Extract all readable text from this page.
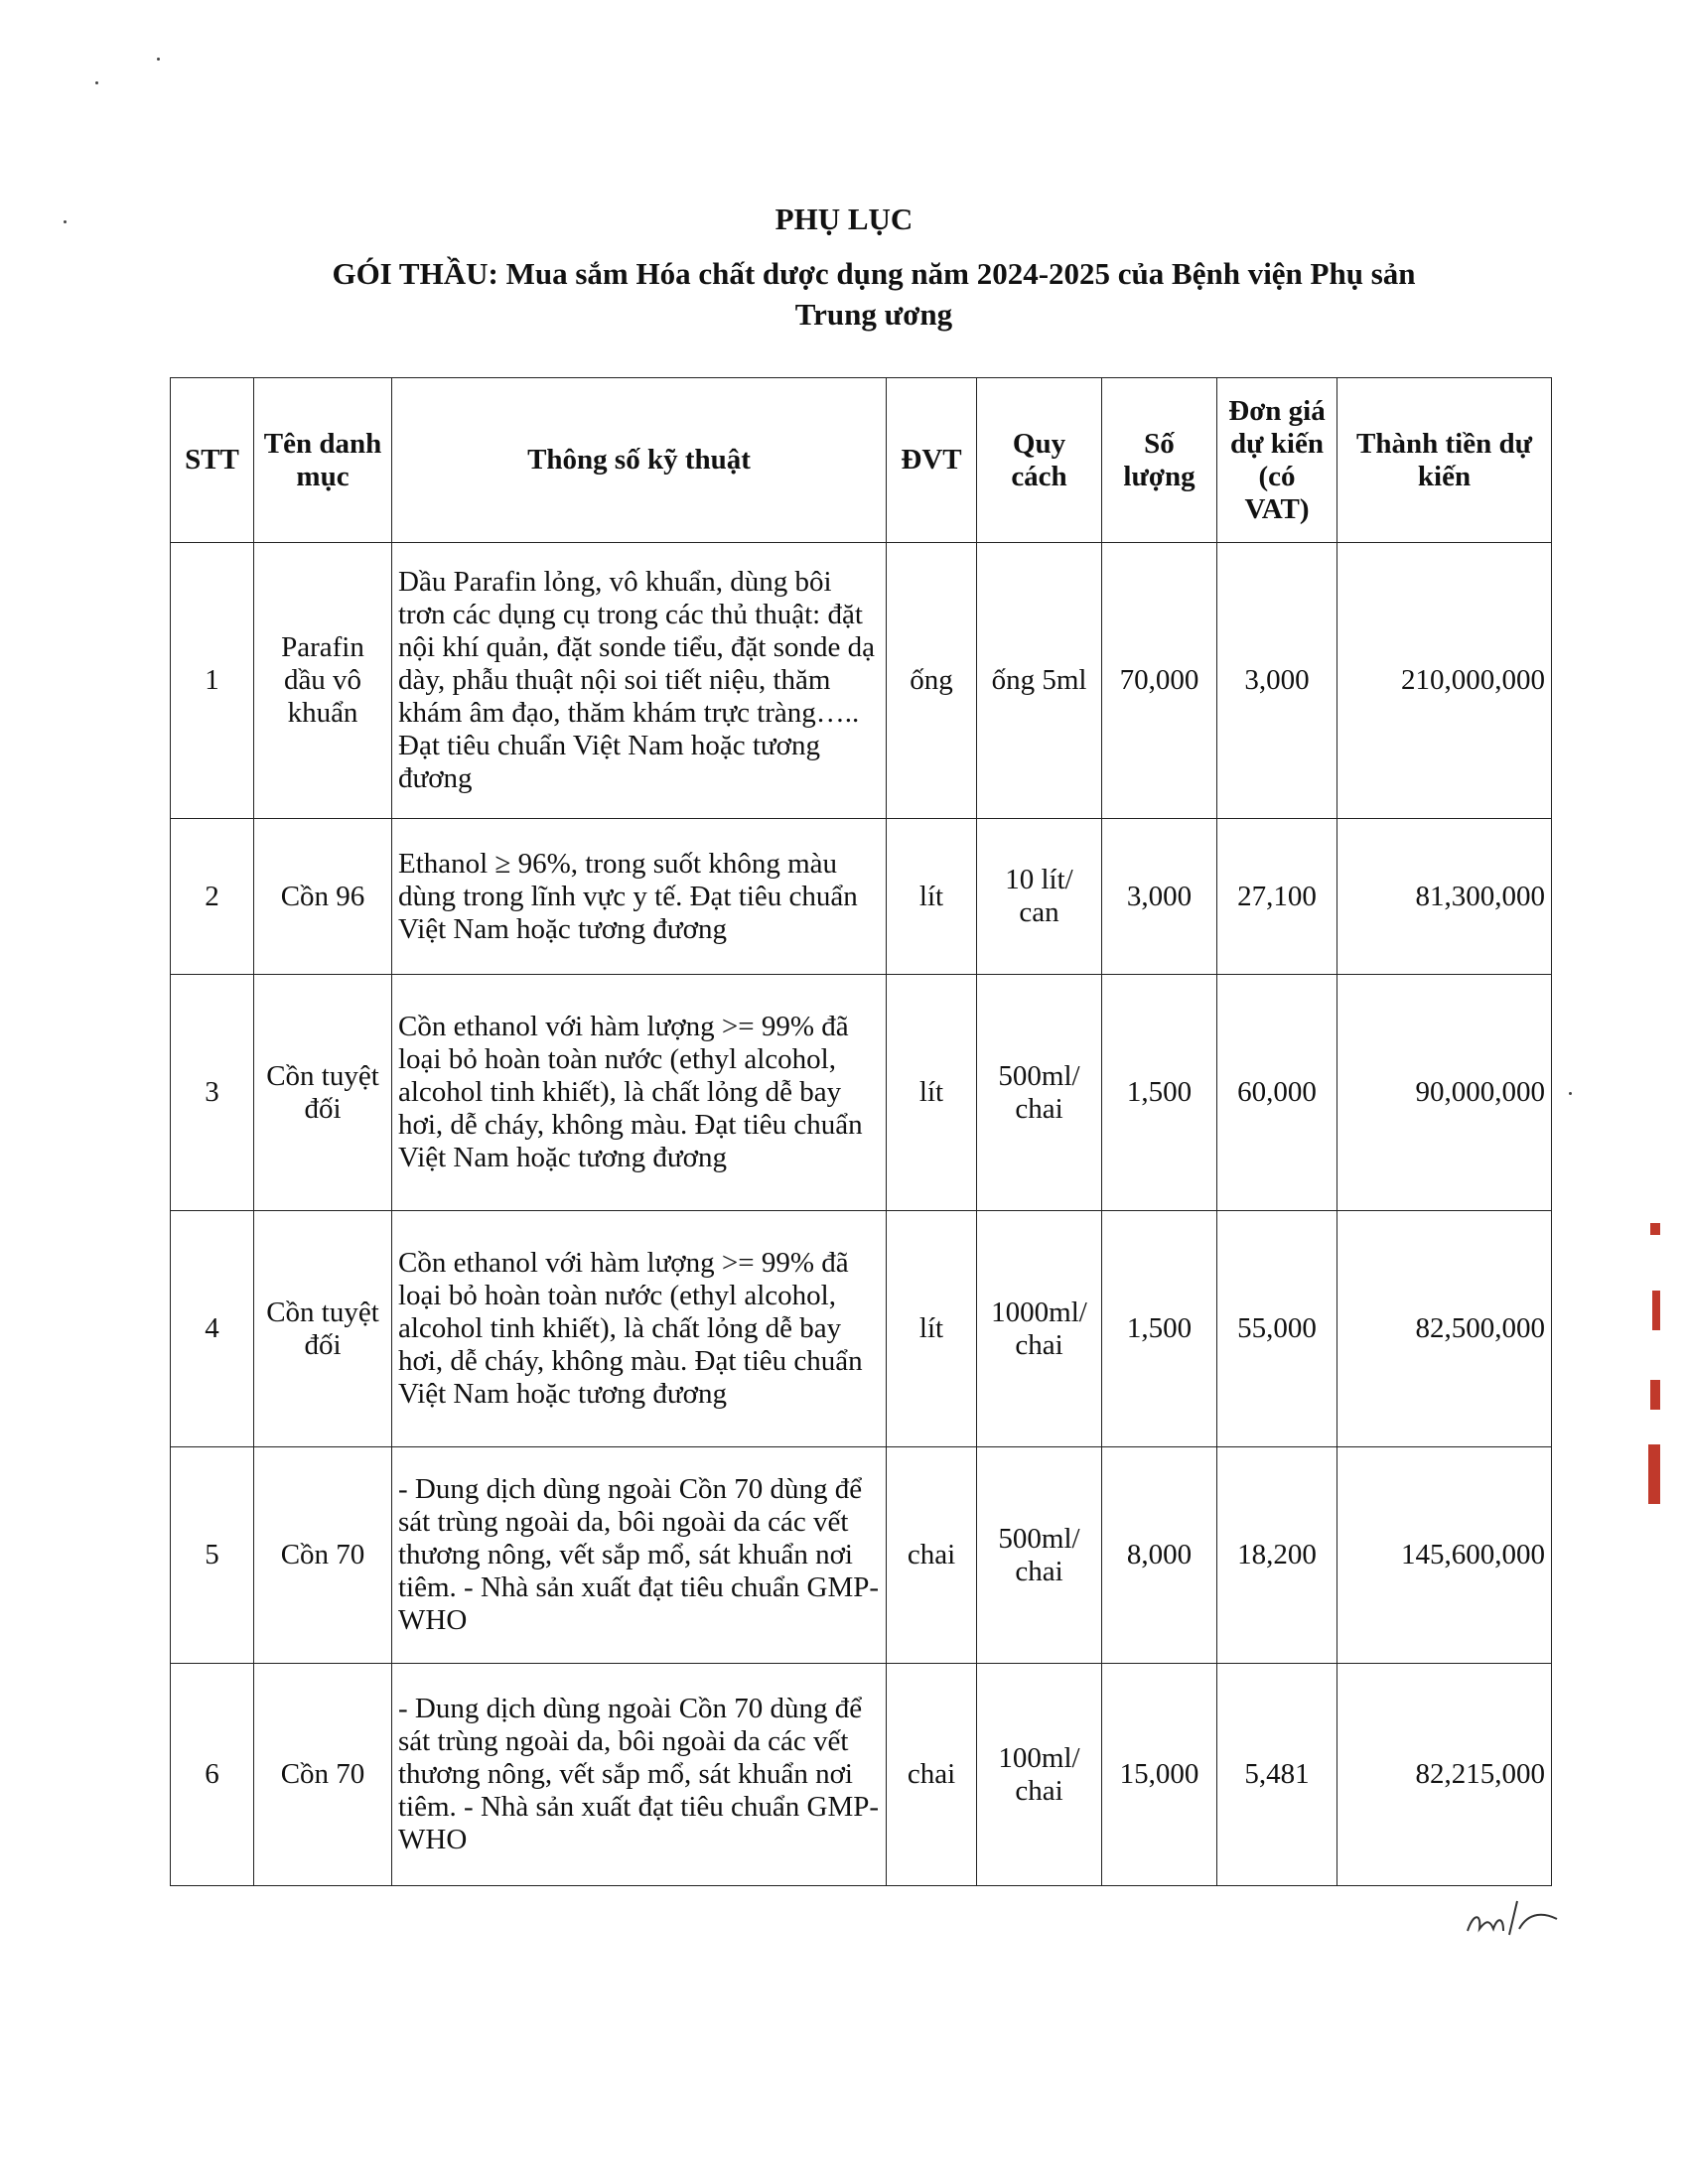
PHỤ LỤC
GÓI THẦU: Mua sắm Hóa chất dược dụng năm 2024-2025 của Bệnh viện Phụ sản
Trung ương
STT	Tên danh mục	Thông số kỹ thuật	ĐVT	Quy cách	Số lượng	Đơn giá dự kiến (có VAT)	Thành tiền dự kiến
1	Parafin dầu vô khuẩn	Dầu Parafin lỏng, vô khuẩn, dùng bôi trơn các dụng cụ trong các thủ thuật: đặt nội khí quản, đặt sonde tiểu, đặt sonde dạ dày, phẫu thuật nội soi tiết niệu, thăm khám âm đạo, thăm khám trực tràng….. Đạt tiêu chuẩn Việt Nam hoặc tương đương	ống	ống 5ml	70,000	3,000	210,000,000
2	Cồn 96	Ethanol ≥ 96%, trong suốt không màu dùng trong lĩnh vực y tế. Đạt tiêu chuẩn Việt Nam hoặc tương đương	lít	10 lít/ can	3,000	27,100	81,300,000
3	Cồn tuyệt đối	Cồn ethanol với hàm lượng >= 99% đã loại bỏ hoàn toàn nước (ethyl alcohol, alcohol tinh khiết), là chất lỏng dễ bay hơi, dễ cháy, không màu. Đạt tiêu chuẩn Việt Nam hoặc tương đương	lít	500ml/ chai	1,500	60,000	90,000,000
4	Cồn tuyệt đối	Cồn ethanol với hàm lượng >= 99% đã loại bỏ hoàn toàn nước (ethyl alcohol, alcohol tinh khiết), là chất lỏng dễ bay hơi, dễ cháy, không màu. Đạt tiêu chuẩn Việt Nam hoặc tương đương	lít	1000ml/ chai	1,500	55,000	82,500,000
5	Cồn 70	- Dung dịch dùng ngoài Cồn 70 dùng để sát trùng ngoài da, bôi ngoài da các vết thương nông, vết sắp mổ, sát khuẩn nơi tiêm. - Nhà sản xuất đạt tiêu chuẩn GMP-WHO	chai	500ml/ chai	8,000	18,200	145,600,000
6	Cồn 70	- Dung dịch dùng ngoài Cồn 70 dùng để sát trùng ngoài da, bôi ngoài da các vết thương nông, vết sắp mổ, sát khuẩn nơi tiêm. - Nhà sản xuất đạt tiêu chuẩn GMP-WHO	chai	100ml/ chai	15,000	5,481	82,215,000
